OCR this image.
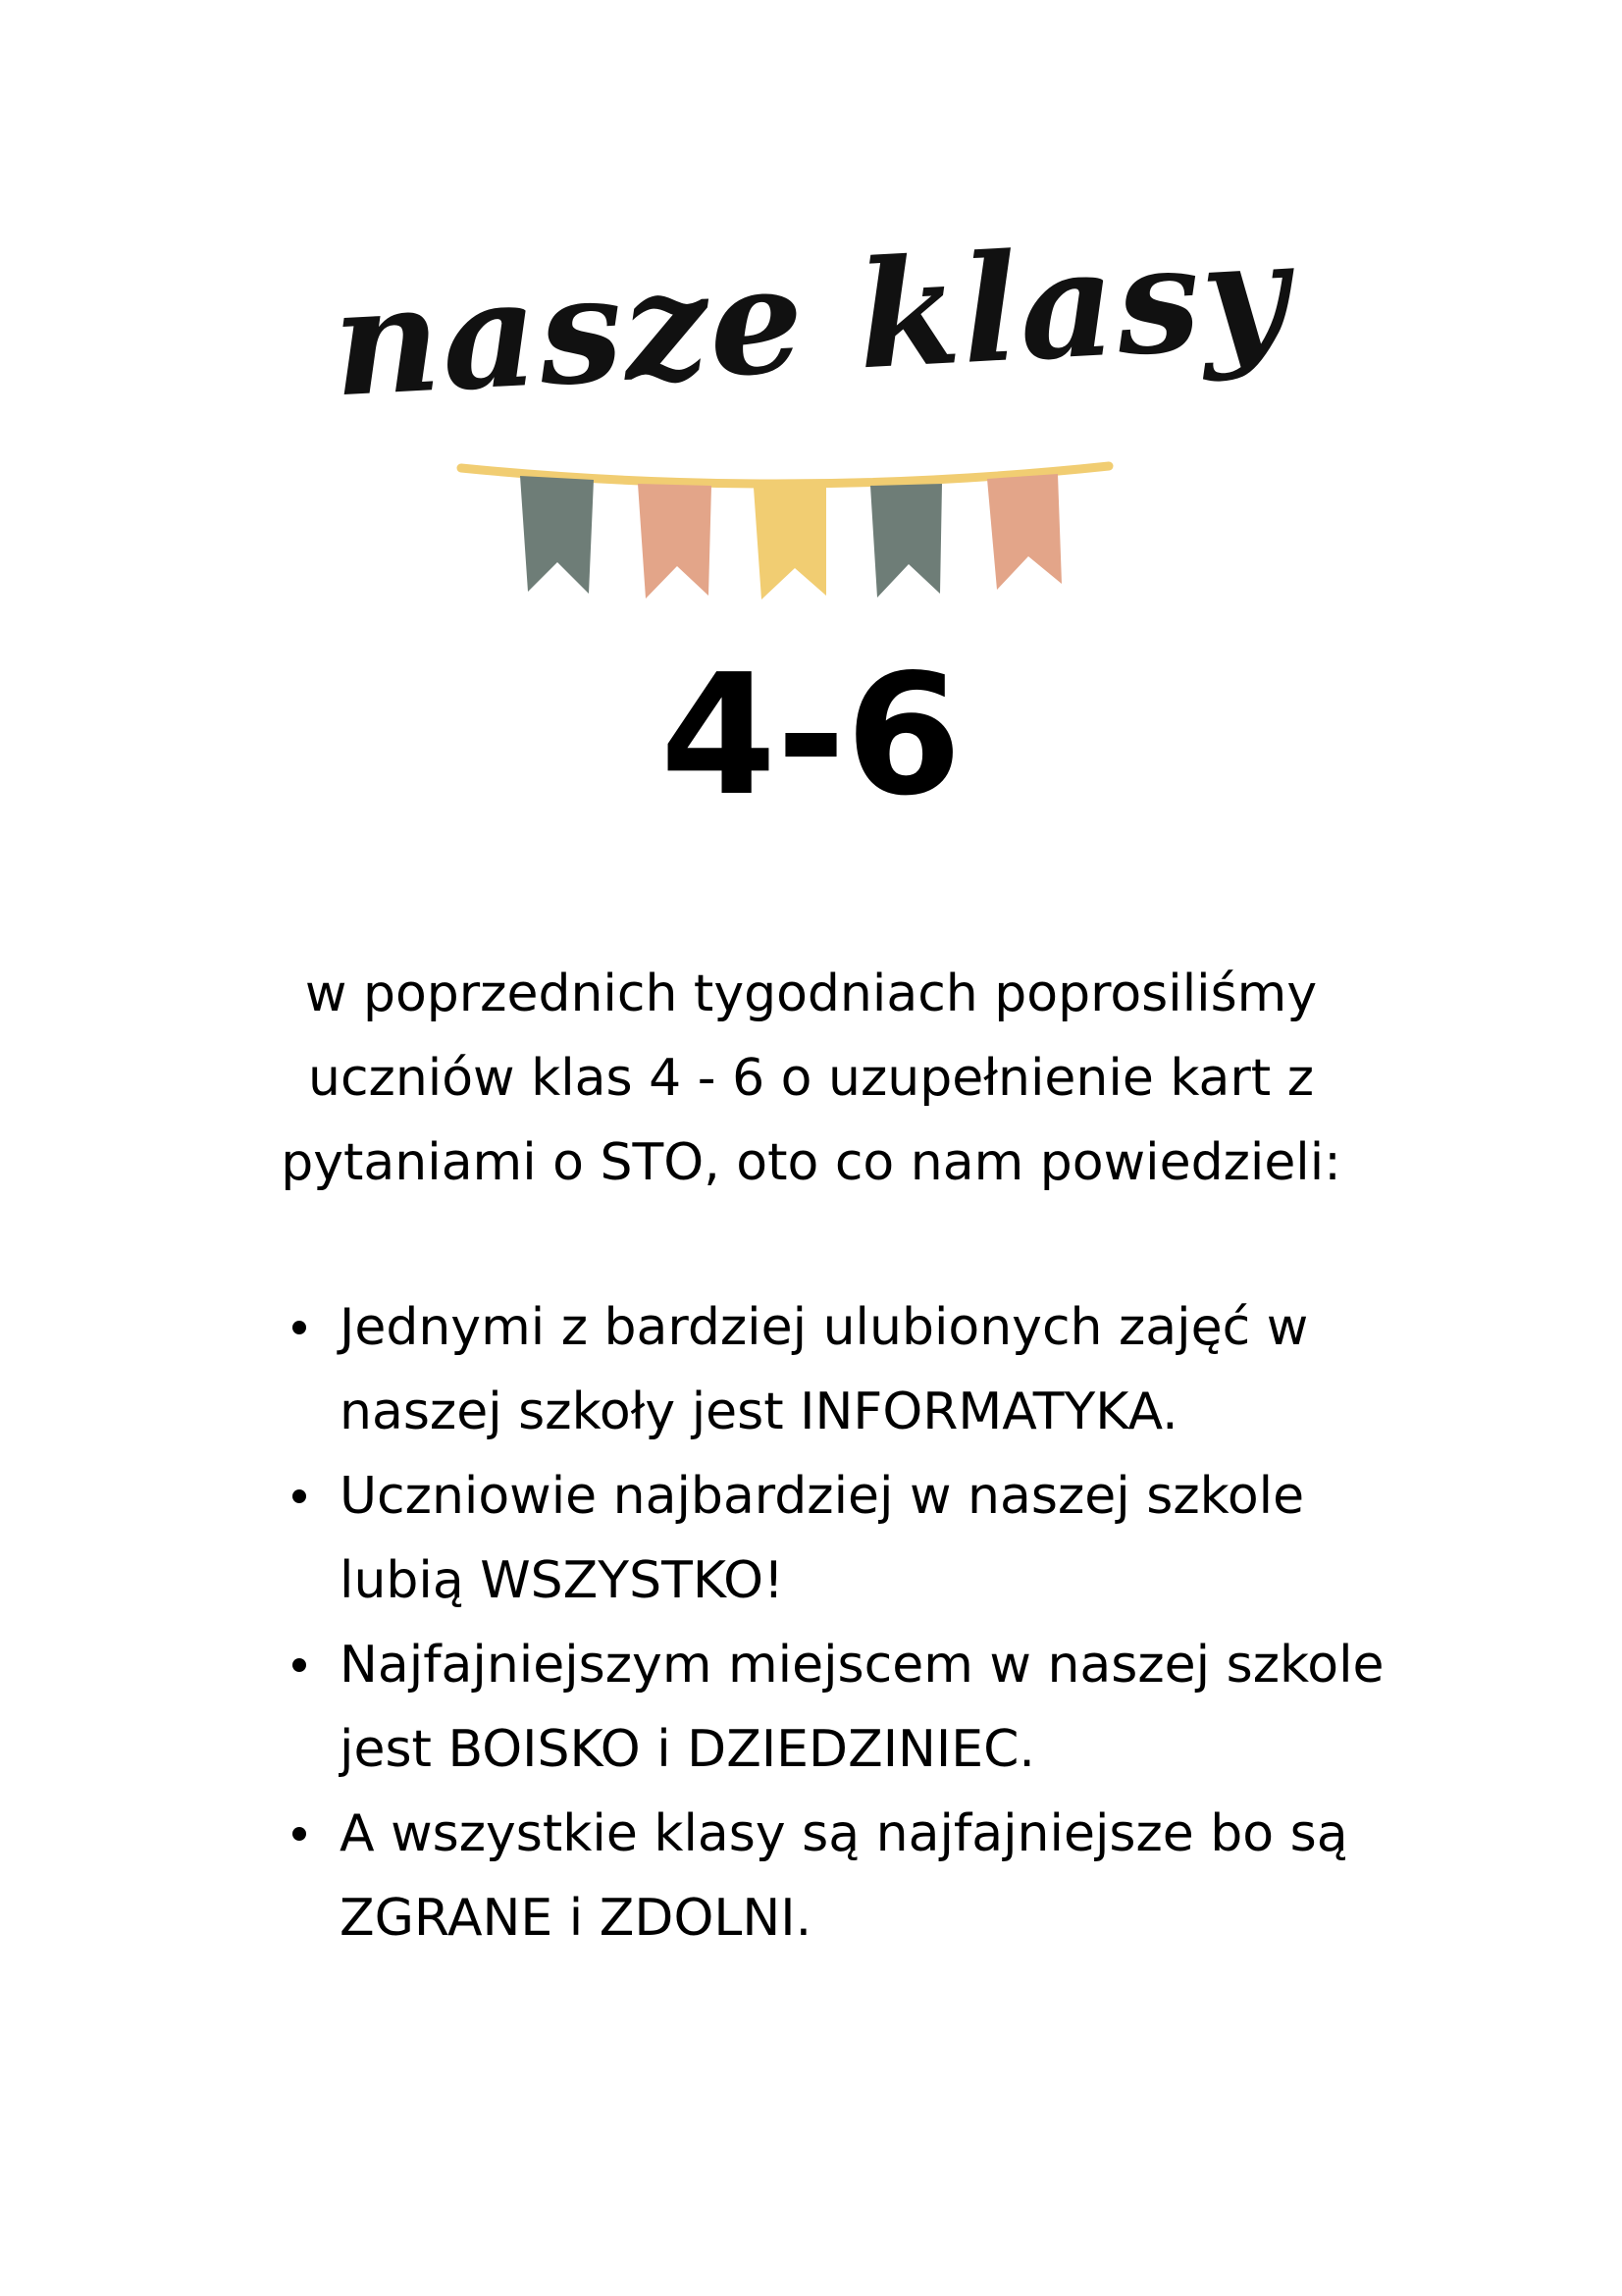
nasze klasy
4-6
w poprzednich tygodniach poprosiliśmy uczniów klas 4 - 6 o uzupełnienie kart z pytaniami o STO, oto co nam powiedzieli:
Jednymi z bardziej ulubionych zajęć w naszej szkoły jest INFORMATYKA.
Uczniowie najbardziej w naszej szkole lubią WSZYSTKO!
Najfajniejszym miejscem w naszej szkole jest BOISKO i DZIEDZINIEC.
A wszystkie klasy są najfajniejsze bo są ZGRANE i ZDOLNI.
